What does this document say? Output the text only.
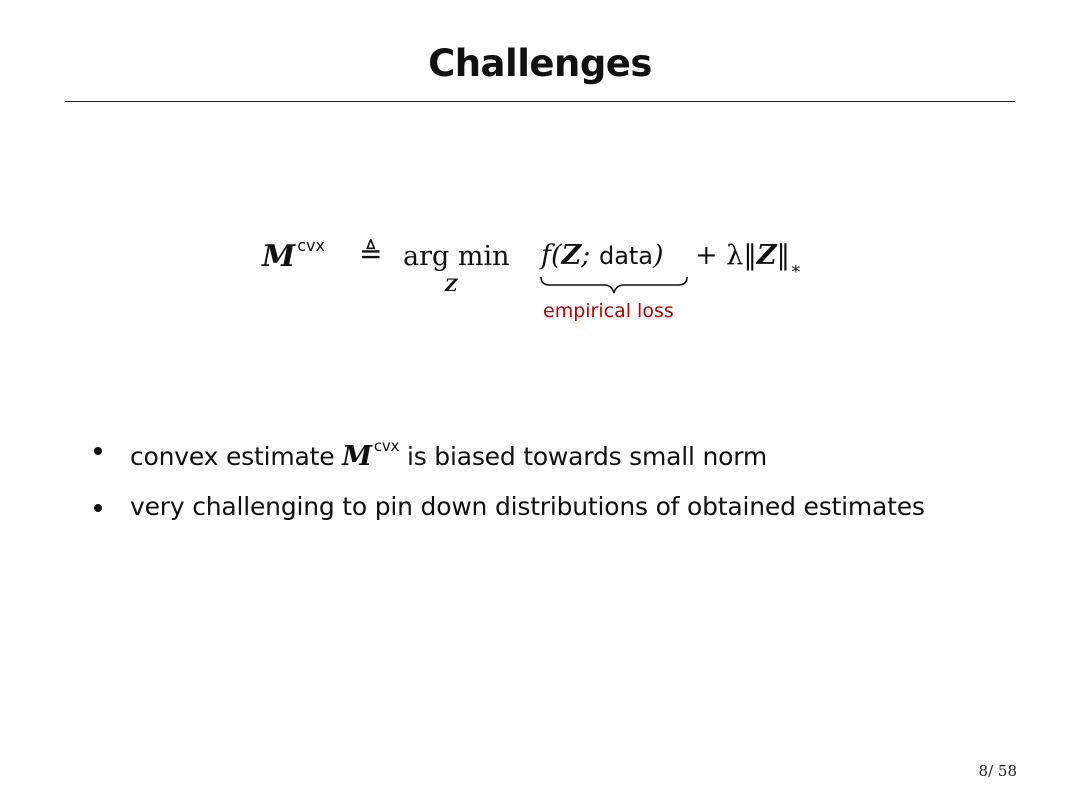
Challenges
M $^{cvx}$ ≜ arg min
Z
f(Z; data)
empirical loss
+ $\lambda‖Z‖_∗$
convex estimate M $^{cvx}$ is biased towards small norm
very challenging to pin down distributions of obtained estimates
8/ 58
